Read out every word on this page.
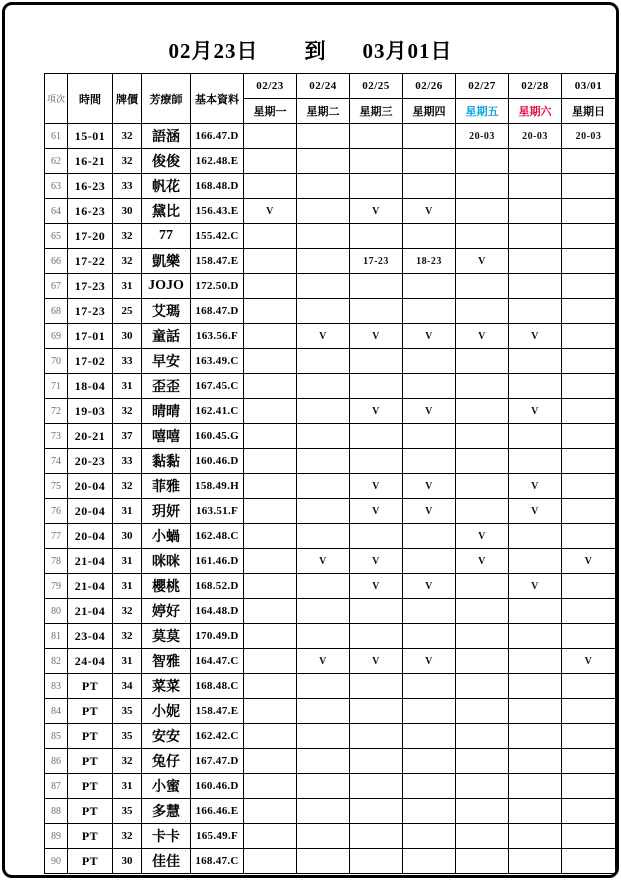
02月23日 到 03月01日
項次	時間	牌價	芳療師	基本資料	02/23	02/24	02/25	02/26	02/27	02/28	03/01
					星期一	星期二	星期三	星期四	星期五	星期六	星期日
61	15-01	32	語涵	166.47.D					20-03	20-03	20-03
62	16-21	32	俊俊	162.48.E							
63	16-23	33	帆花	168.48.D							
64	16-23	30	黛比	156.43.E	V		V	V			
65	17-20	32	77	155.42.C							
66	17-22	32	凱樂	158.47.E			17-23	18-23	V		
67	17-23	31	JOJO	172.50.D							
68	17-23	25	艾瑪	168.47.D							
69	17-01	30	童話	163.56.F		V	V	V	V	V	
70	17-02	33	早安	163.49.C							
71	18-04	31	歪歪	167.45.C							
72	19-03	32	晴晴	162.41.C			V	V		V	
73	20-21	37	嘻嘻	160.45.G							
74	20-23	33	黏黏	160.46.D							
75	20-04	32	菲雅	158.49.H			V	V		V	
76	20-04	31	玥妍	163.51.F			V	V		V	
77	20-04	30	小蝸	162.48.C					V		
78	21-04	31	咪咪	161.46.D		V	V		V		V
79	21-04	31	櫻桃	168.52.D			V	V		V	
80	21-04	32	婷好	164.48.D							
81	23-04	32	莫莫	170.49.D							
82	24-04	31	智雅	164.47.C		V	V	V			V
83	PT	34	菜菜	168.48.C							
84	PT	35	小妮	158.47.E							
85	PT	35	安安	162.42.C							
86	PT	32	兔仔	167.47.D							
87	PT	31	小蜜	160.46.D							
88	PT	35	多慧	166.46.E							
89	PT	32	卡卡	165.49.F							
90	PT	30	佳佳	168.47.C							
